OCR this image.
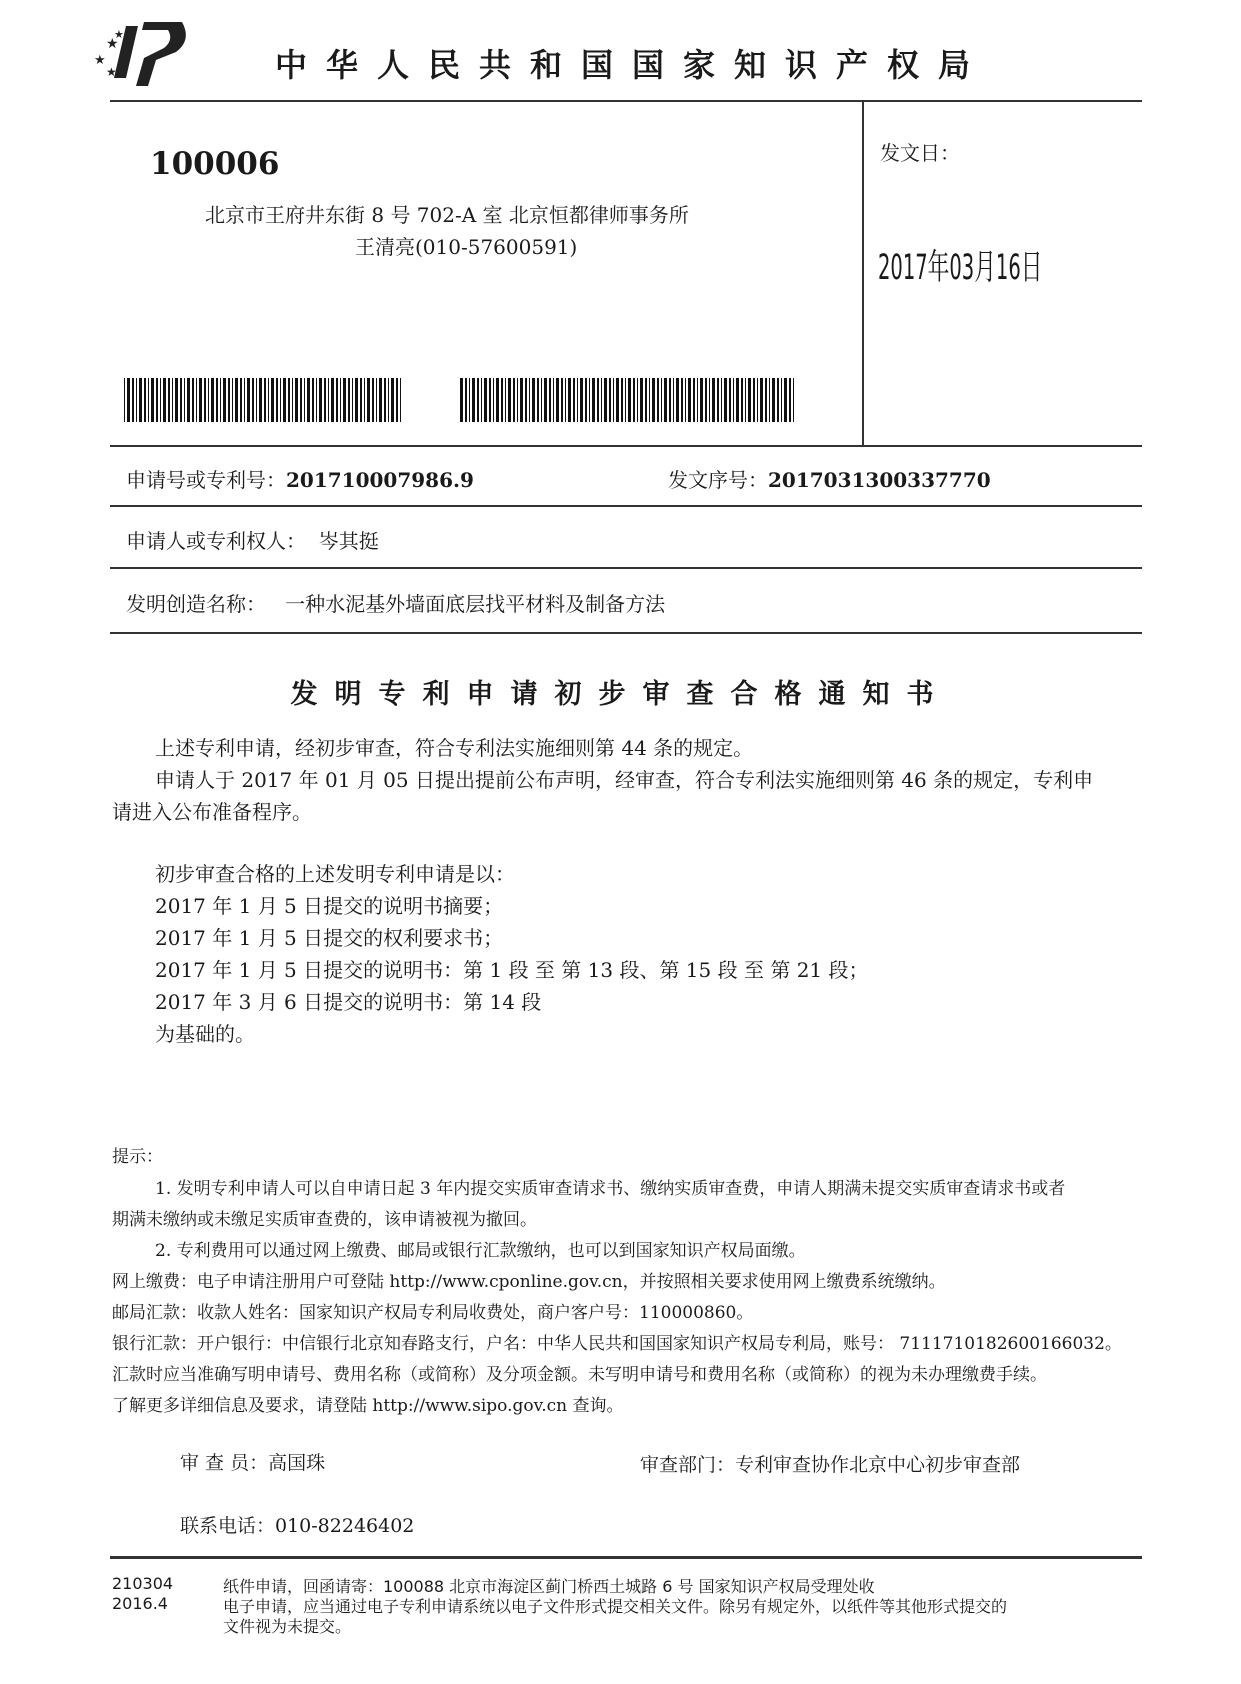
★
★
★
★
中华人民共和国国家知识产权局
100006
北京市王府井东街 8 号 702-A 室 北京恒都律师事务所
王清亮(010-57600591)
发文日：
2017年03月16日
申请号或专利号：201710007986.9	发文序号：2017031300337770
申请人或专利权人： 岑其挺
发明创造名称： 一种水泥基外墙面底层找平材料及制备方法
发明专利申请初步审查合格通知书
上述专利申请，经初步审查，符合专利法实施细则第 44 条的规定。
申请人于 2017 年 01 月 05 日提出提前公布声明，经审查，符合专利法实施细则第 46 条的规定，专利申
请进入公布准备程序。
初步审查合格的上述发明专利申请是以：
2017 年 1 月 5 日提交的说明书摘要；
2017 年 1 月 5 日提交的权利要求书；
2017 年 1 月 5 日提交的说明书：第 1 段 至 第 13 段、第 15 段 至 第 21 段；
2017 年 3 月 6 日提交的说明书：第 14 段
为基础的。
提示：
1. 发明专利申请人可以自申请日起 3 年内提交实质审查请求书、缴纳实质审查费，申请人期满未提交实质审查请求书或者
期满未缴纳或未缴足实质审查费的，该申请被视为撤回。
2. 专利费用可以通过网上缴费、邮局或银行汇款缴纳，也可以到国家知识产权局面缴。
网上缴费：电子申请注册用户可登陆 http://www.cponline.gov.cn，并按照相关要求使用网上缴费系统缴纳。
邮局汇款：收款人姓名：国家知识产权局专利局收费处，商户客户号：110000860。
银行汇款：开户银行：中信银行北京知春路支行，户名：中华人民共和国国家知识产权局专利局，账号： 7111710182600166032。
汇款时应当准确写明申请号、费用名称（或简称）及分项金额。未写明申请号和费用名称（或简称）的视为未办理缴费手续。
了解更多详细信息及要求，请登陆 http://www.sipo.gov.cn 查询。
审 查 员：高国珠	审查部门：专利审查协作北京中心初步审查部
联系电话：010-82246402
210304
2016.4
纸件申请，回函请寄：100088 北京市海淀区蓟门桥西土城路 6 号 国家知识产权局受理处收
电子申请，应当通过电子专利申请系统以电子文件形式提交相关文件。除另有规定外，以纸件等其他形式提交的
文件视为未提交。
